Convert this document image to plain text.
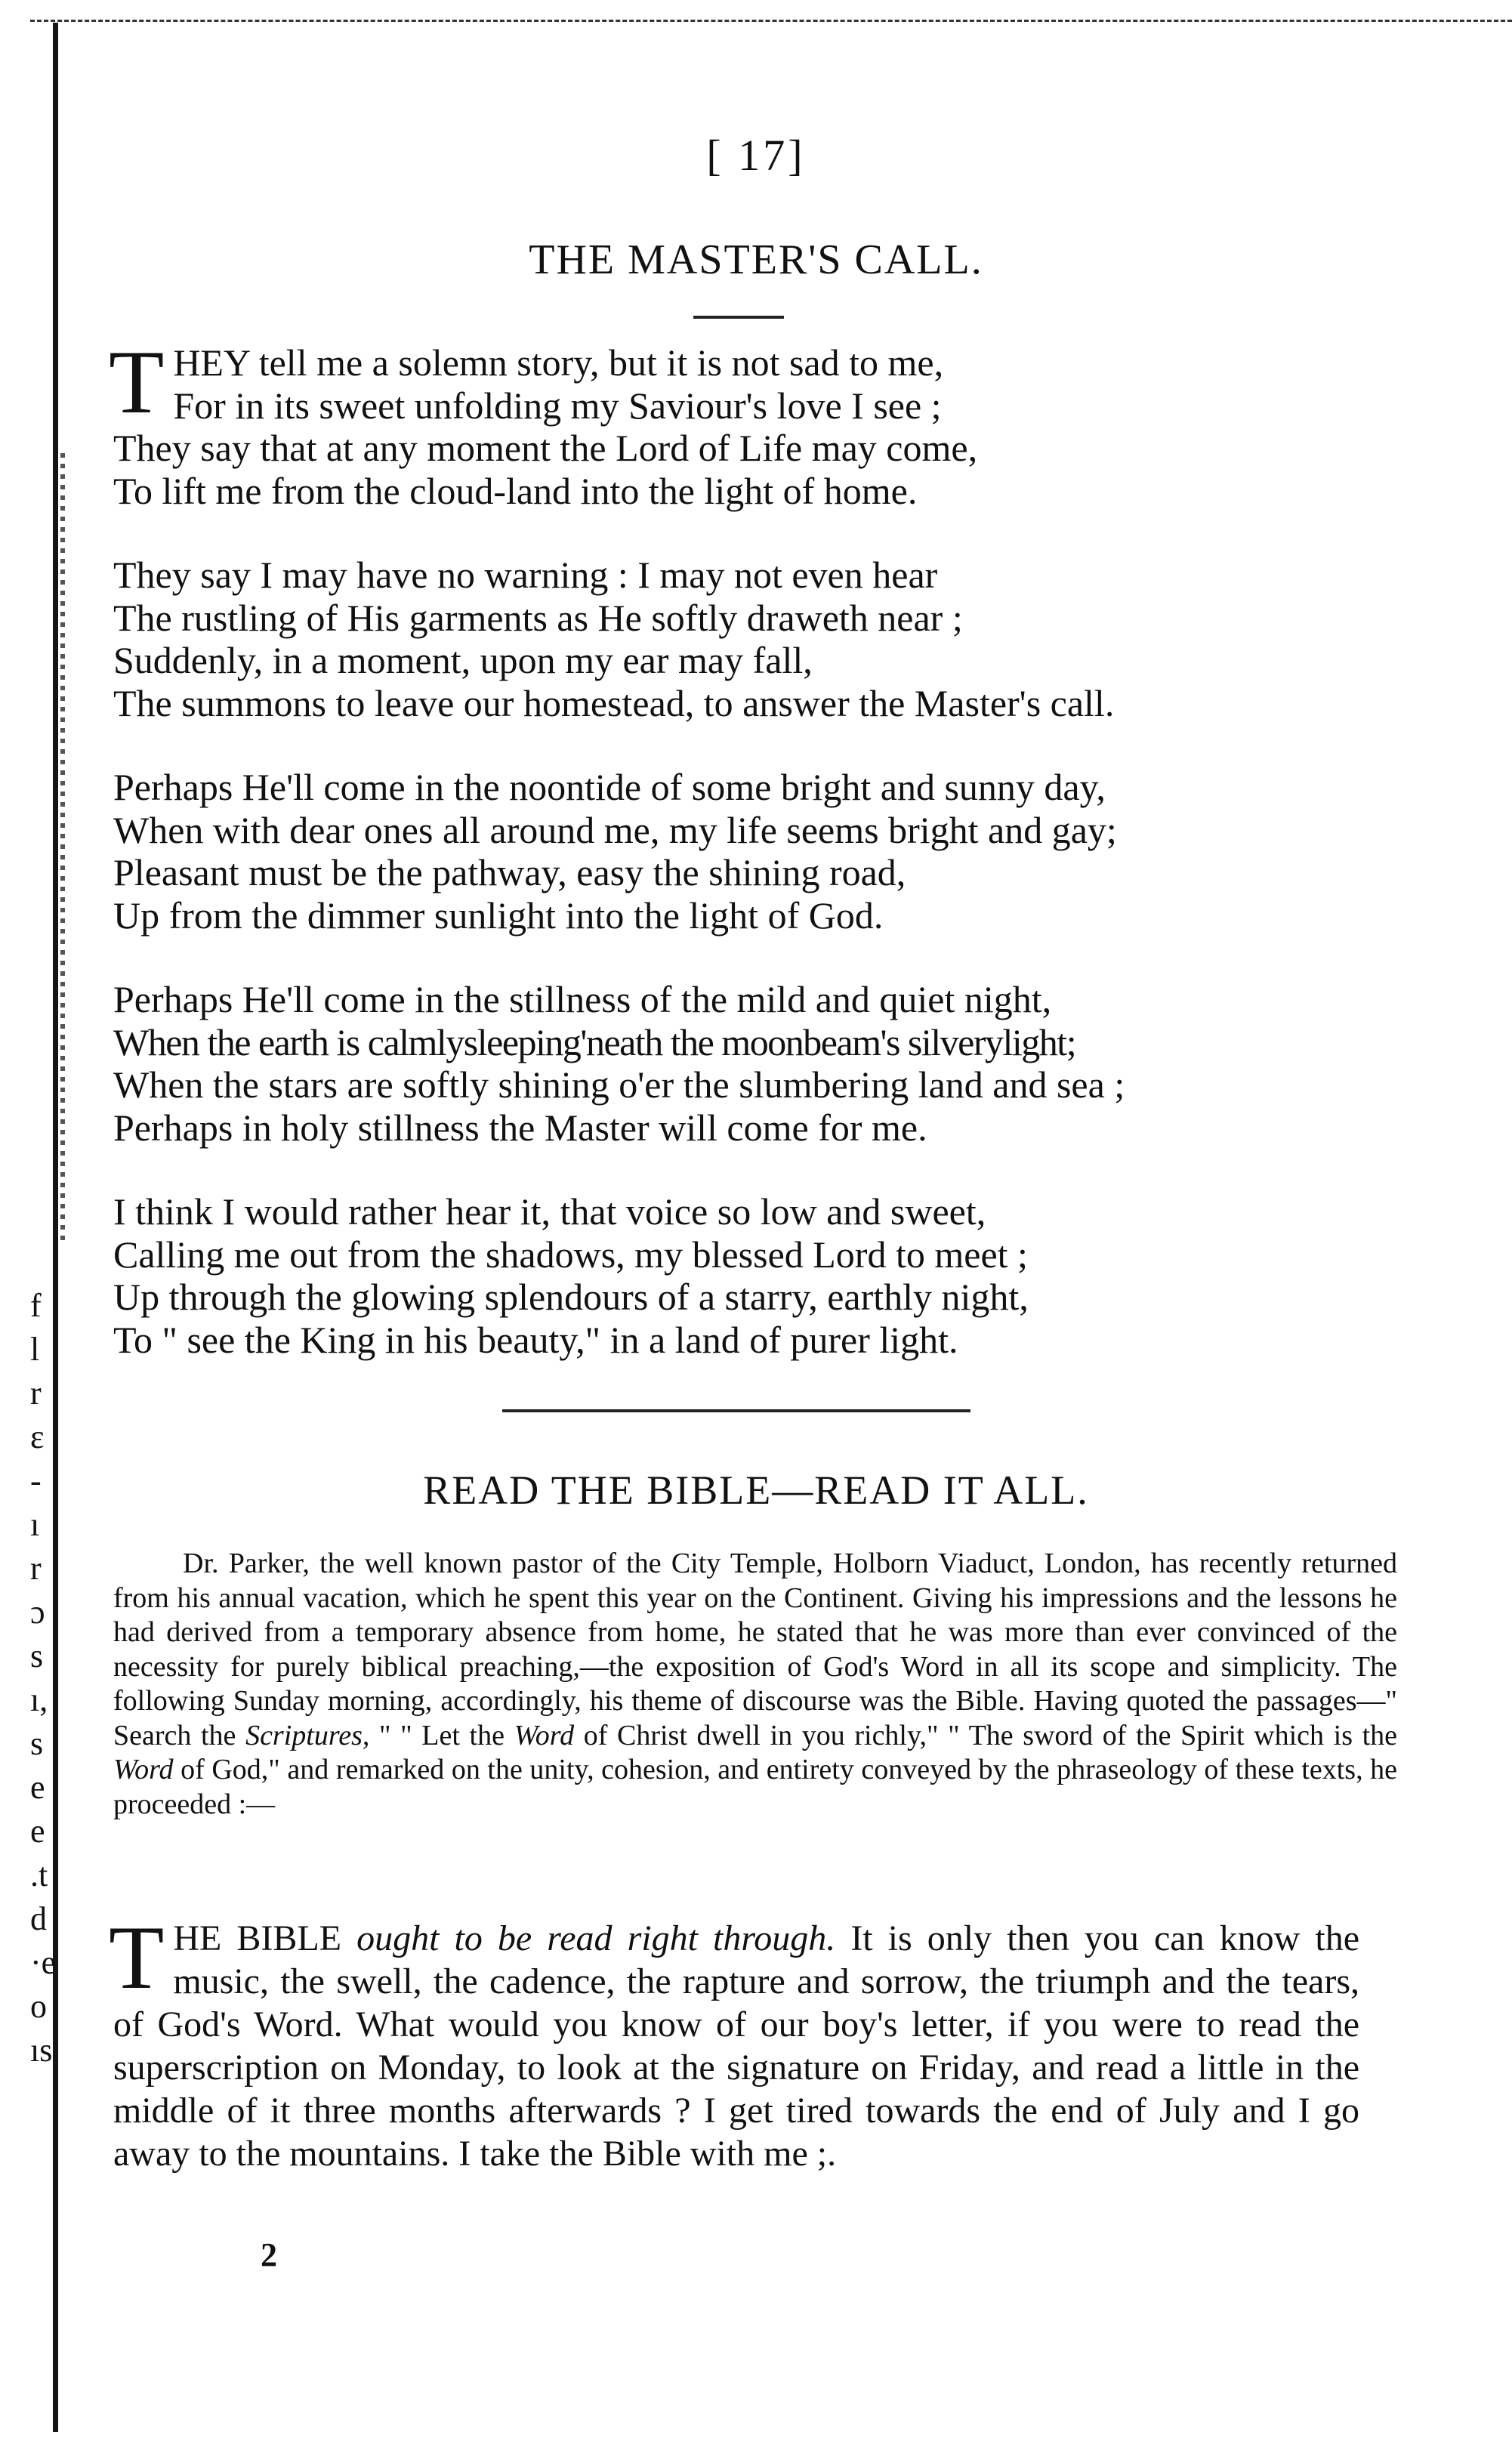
f
l
r
ɛ
-
ı
r
ɔ
s
ı,
s
e
e
.t
d
·e
o
ıs
[ 17]
THE MASTER'S CALL.
T HEY tell me a solemn story, but it is not sad to me,
For in its sweet unfolding my Saviour's love I see ;
They say that at any moment the Lord of Life may come,
To lift me from the cloud-land into the light of home.
They say I may have no warning : I may not even hear
The rustling of His garments as He softly draweth near ;
Suddenly, in a moment, upon my ear may fall,
The summons to leave our homestead, to answer the Master's call.
Perhaps He'll come in the noontide of some bright and sunny day,
When with dear ones all around me, my life seems bright and gay;
Pleasant must be the pathway, easy the shining road,
Up from the dimmer sunlight into the light of God.
Perhaps He'll come in the stillness of the mild and quiet night,
When the earth is calmlysleeping'neath the moonbeam's silverylight;
When the stars are softly shining o'er the slumbering land and sea ;
Perhaps in holy stillness the Master will come for me.
I think I would rather hear it, that voice so low and sweet,
Calling me out from the shadows, my blessed Lord to meet ;
Up through the glowing splendours of a starry, earthly night,
To " see the King in his beauty," in a land of purer light.
READ THE BIBLE—READ IT ALL.
Dr. Parker, the well known pastor of the City Temple, Holborn Viaduct, London, has recently returned from his annual vacation, which he spent this year on the Continent. Giving his impressions and the lessons he had derived from a temporary absence from home, he stated that he was more than ever convinced of the necessity for purely biblical preaching,—the exposition of God's Word in all its scope and simplicity. The following Sunday morning, accordingly, his theme of discourse was the Bible. Having quoted the passages—" Search the Scriptures, " " Let the Word of Christ dwell in you richly," " The sword of the Spirit which is the Word of God," and remarked on the unity, cohesion, and entirety conveyed by the phraseology of these texts, he proceeded :—
T HE BIBLE ought to be read right through. It is only then you can know the music, the swell, the cadence, the rapture and sorrow, the triumph and the tears, of God's Word. What would you know of our boy's letter, if you were to read the superscription on Monday, to look at the signature on Friday, and read a little in the middle of it three months afterwards ? I get tired towards the end of July and I go away to the mountains. I take the Bible with me ;.
2
